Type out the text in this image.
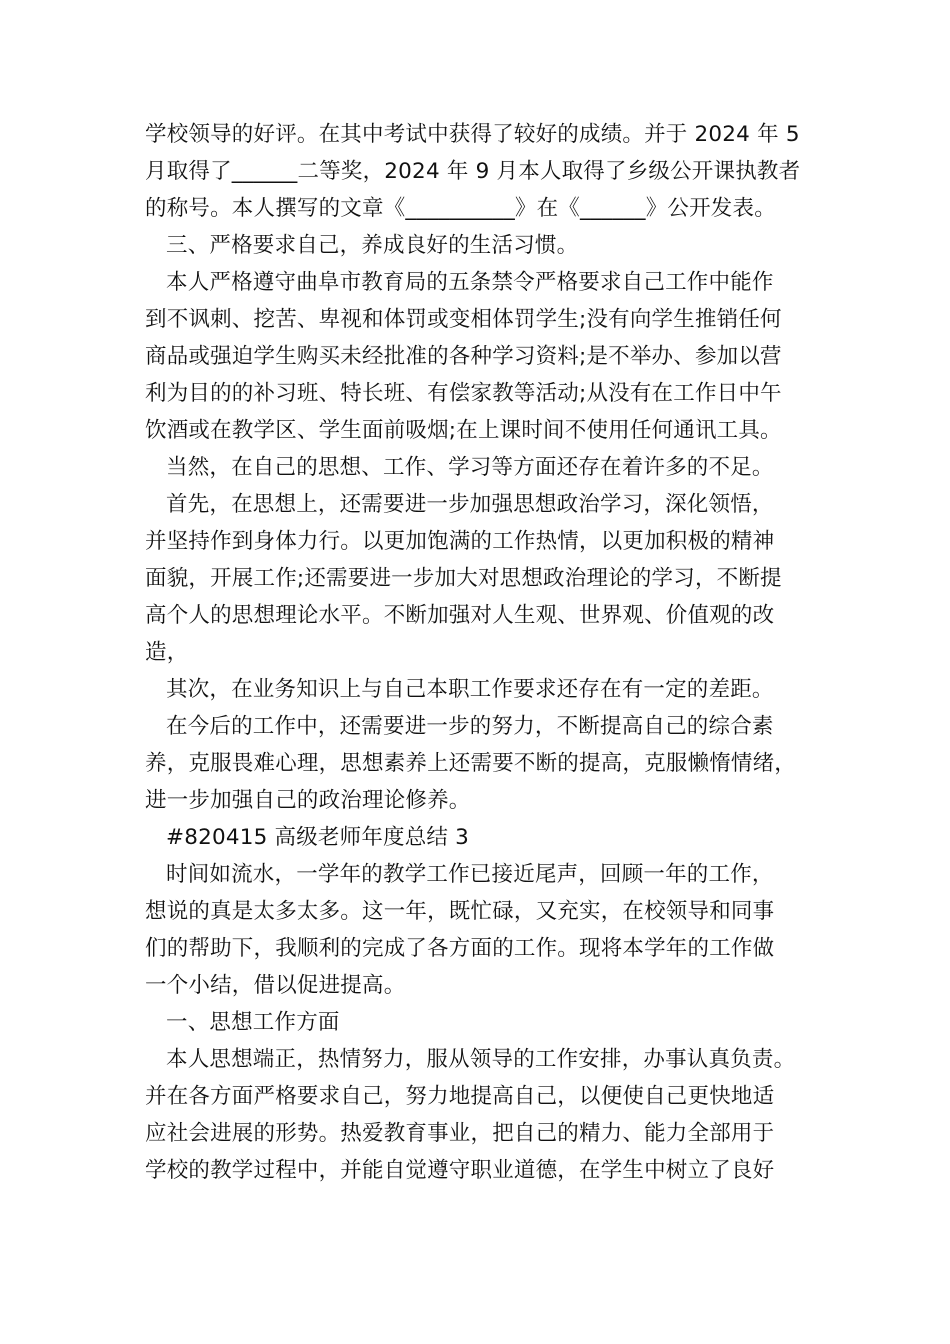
学校领导的好评。在其中考试中获得了较好的成绩。并于 2024 年 5
月取得了______二等奖，2024 年 9 月本人取得了乡级公开课执教者
的称号。本人撰写的文章《__________》在《______》公开发表。
三、严格要求自己，养成良好的生活习惯。
本人严格遵守曲阜市教育局的五条禁令严格要求自己工作中能作
到不讽刺、挖苦、卑视和体罚或变相体罚学生;没有向学生推销任何
商品或强迫学生购买未经批准的各种学习资料;是不举办、参加以营
利为目的的补习班、特长班、有偿家教等活动;从没有在工作日中午
饮酒或在教学区、学生面前吸烟;在上课时间不使用任何通讯工具。
当然，在自己的思想、工作、学习等方面还存在着许多的不足。
首先，在思想上，还需要进一步加强思想政治学习，深化领悟，
并坚持作到身体力行。以更加饱满的工作热情，以更加积极的精神
面貌，开展工作;还需要进一步加大对思想政治理论的学习，不断提
高个人的思想理论水平。不断加强对人生观、世界观、价值观的改
造，
其次，在业务知识上与自己本职工作要求还存在有一定的差距。
在今后的工作中，还需要进一步的努力，不断提高自己的综合素
养，克服畏难心理，思想素养上还需要不断的提高，克服懒惰情绪，
进一步加强自己的政治理论修养。
#820415 高级老师年度总结 3
时间如流水，一学年的教学工作已接近尾声，回顾一年的工作，
想说的真是太多太多。这一年，既忙碌，又充实，在校领导和同事
们的帮助下，我顺利的完成了各方面的工作。现将本学年的工作做
一个小结，借以促进提高。
一、思想工作方面
本人思想端正，热情努力，服从领导的工作安排，办事认真负责。
并在各方面严格要求自己，努力地提高自己，以便使自己更快地适
应社会进展的形势。热爱教育事业，把自己的精力、能力全部用于
学校的教学过程中，并能自觉遵守职业道德，在学生中树立了良好
